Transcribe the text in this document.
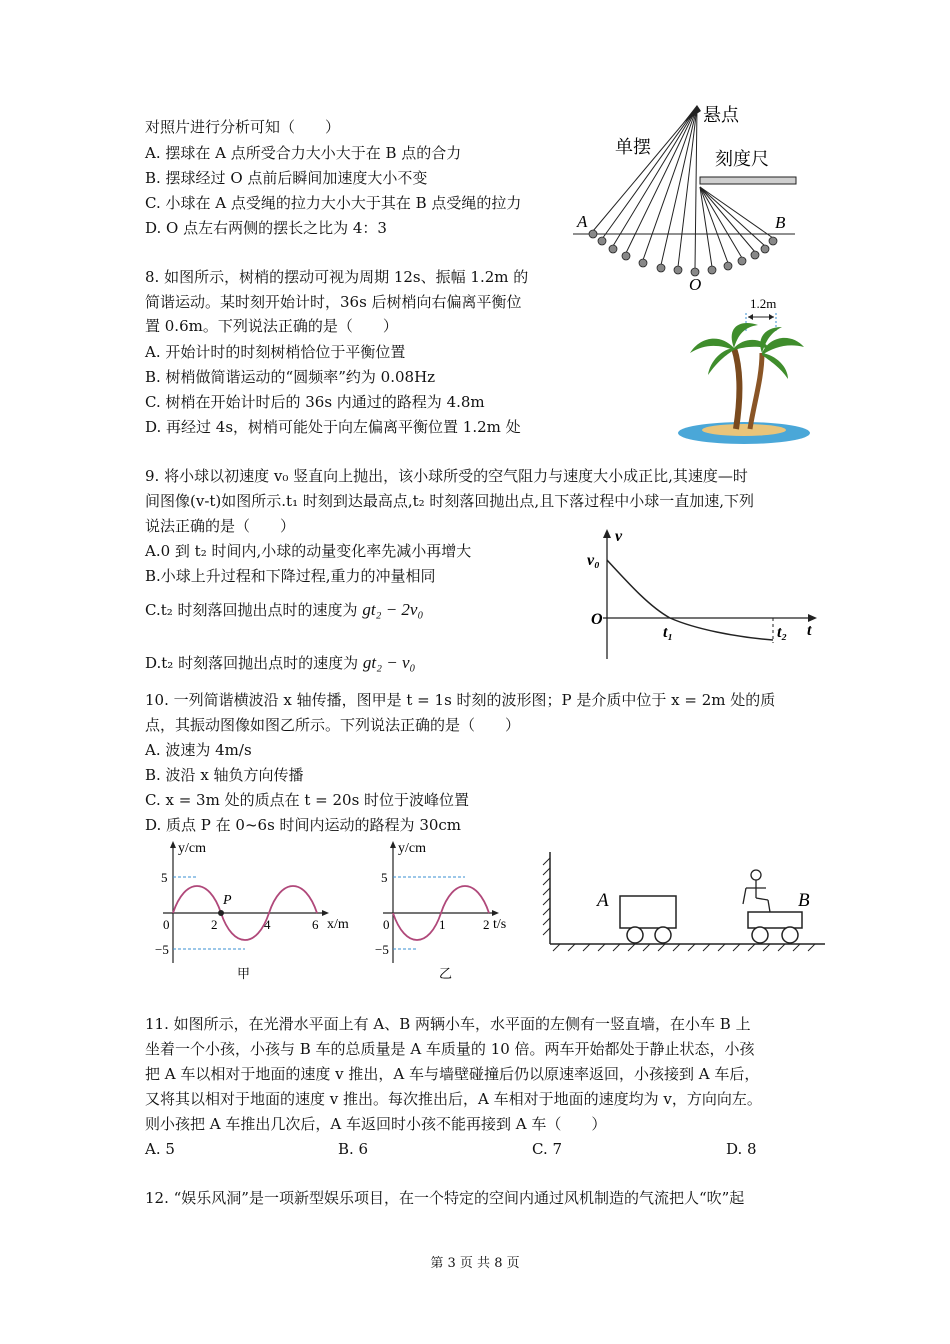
对照片进行分析可知（　　）
A. 摆球在 A 点所受合力大小大于在 B 点的合力
B. 摆球经过 O 点前后瞬间加速度大小不变
C. 小球在 A 点受绳的拉力大小大于其在 B 点受绳的拉力
D. O 点左右两侧的摆长之比为 4：3
悬点
单摆
刻度尺
A	B
O
8. 如图所示，树梢的摆动可视为周期 12s、振幅 1.2m 的
简谐运动。某时刻开始计时，36s 后树梢向右偏离平衡位
置 0.6m。下列说法正确的是（　　）
A. 开始计时的时刻树梢恰位于平衡位置
B. 树梢做简谐运动的“圆频率”约为 0.08Hz
C. 树梢在开始计时后的 36s 内通过的路程为 4.8m
D. 再经过 4s，树梢可能处于向左偏离平衡位置 1.2m 处
1.2m
9. 将小球以初速度 v₀ 竖直向上抛出，该小球所受的空气阻力与速度大小成正比,其速度—时
间图像(v-t)如图所示.t₁ 时刻到达最高点,t₂ 时刻落回抛出点,且下落过程中小球一直加速,下列
说法正确的是（　　）
A.0 到 t₂ 时间内,小球的动量变化率先减小再增大
B.小球上升过程和下降过程,重力的冲量相同
C.t₂ 时刻落回抛出点时的速度为 gt₂ − 2v₀
D.t₂ 时刻落回抛出点时的速度为 gt₂ − v₀
v
t
v₀
O
t₁	t₂
10. 一列简谐横波沿 x 轴传播，图甲是 t = 1s 时刻的波形图；P 是介质中位于 x = 2m 处的质
点，其振动图像如图乙所示。下列说法正确的是（　　）
A. 波速为 4m/s
B. 波沿 x 轴负方向传播
C. x = 3m 处的质点在 t = 20s 时位于波峰位置
D. 质点 P 在 0~6s 时间内运动的路程为 30cm
P
y/cm
x/m
5
−5
0	2	4	6
甲
y/cm
t/s
5
−5
0	1	2
乙
A	B
11. 如图所示，在光滑水平面上有 A、B 两辆小车，水平面的左侧有一竖直墙，在小车 B 上
坐着一个小孩，小孩与 B 车的总质量是 A 车质量的 10 倍。两车开始都处于静止状态，小孩
把 A 车以相对于地面的速度 v 推出，A 车与墙壁碰撞后仍以原速率返回，小孩接到 A 车后，
又将其以相对于地面的速度 v 推出。每次推出后，A 车相对于地面的速度均为 v，方向向左。
则小孩把 A 车推出几次后，A 车返回时小孩不能再接到 A 车（　　）
A. 5	B. 6	C. 7	D. 8
12. “娱乐风洞”是一项新型娱乐项目，在一个特定的空间内通过风机制造的气流把人“吹”起
第 3 页 共 8 页
